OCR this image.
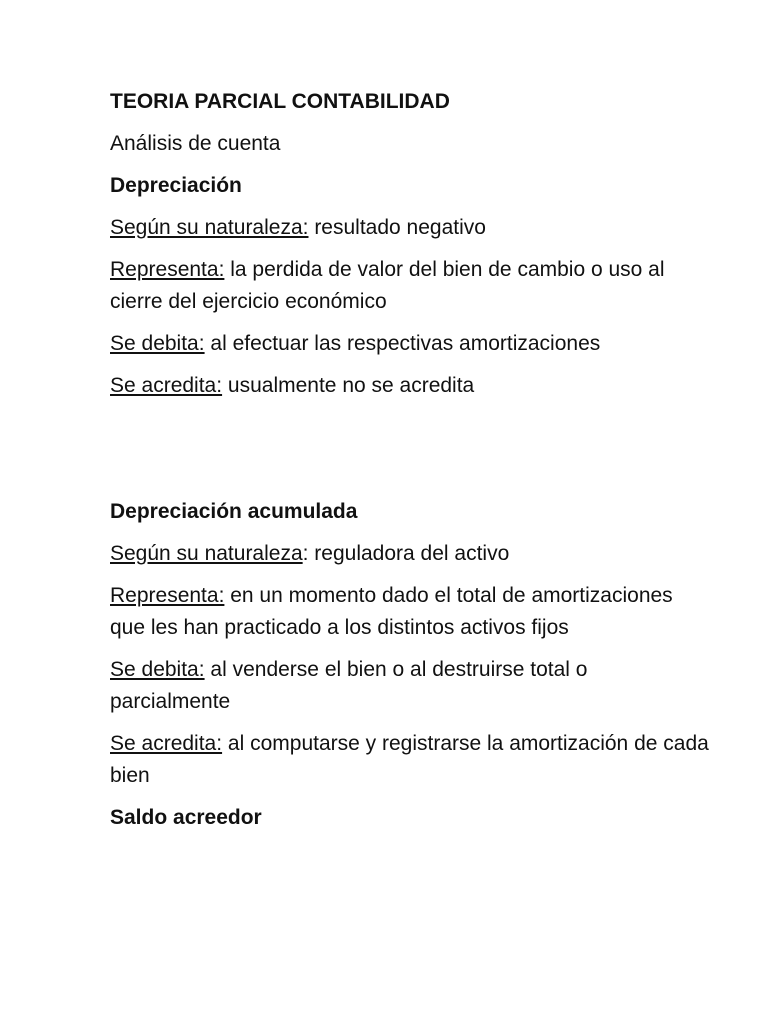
TEORIA PARCIAL CONTABILIDAD

Análisis de cuenta

Depreciación

Según su naturaleza: resultado negativo

Representa: la perdida de valor del bien de cambio o uso al cierre del ejercicio económico

Se debita: al efectuar las respectivas amortizaciones

Se acredita: usualmente no se acredita

Depreciación acumulada

Según su naturaleza: reguladora del activo

Representa: en un momento dado el total de amortizaciones que les han practicado a los distintos activos fijos

Se debita: al venderse el bien o al destruirse total o parcialmente

Se acredita: al computarse y registrarse la amortización de cada bien

Saldo acreedor
